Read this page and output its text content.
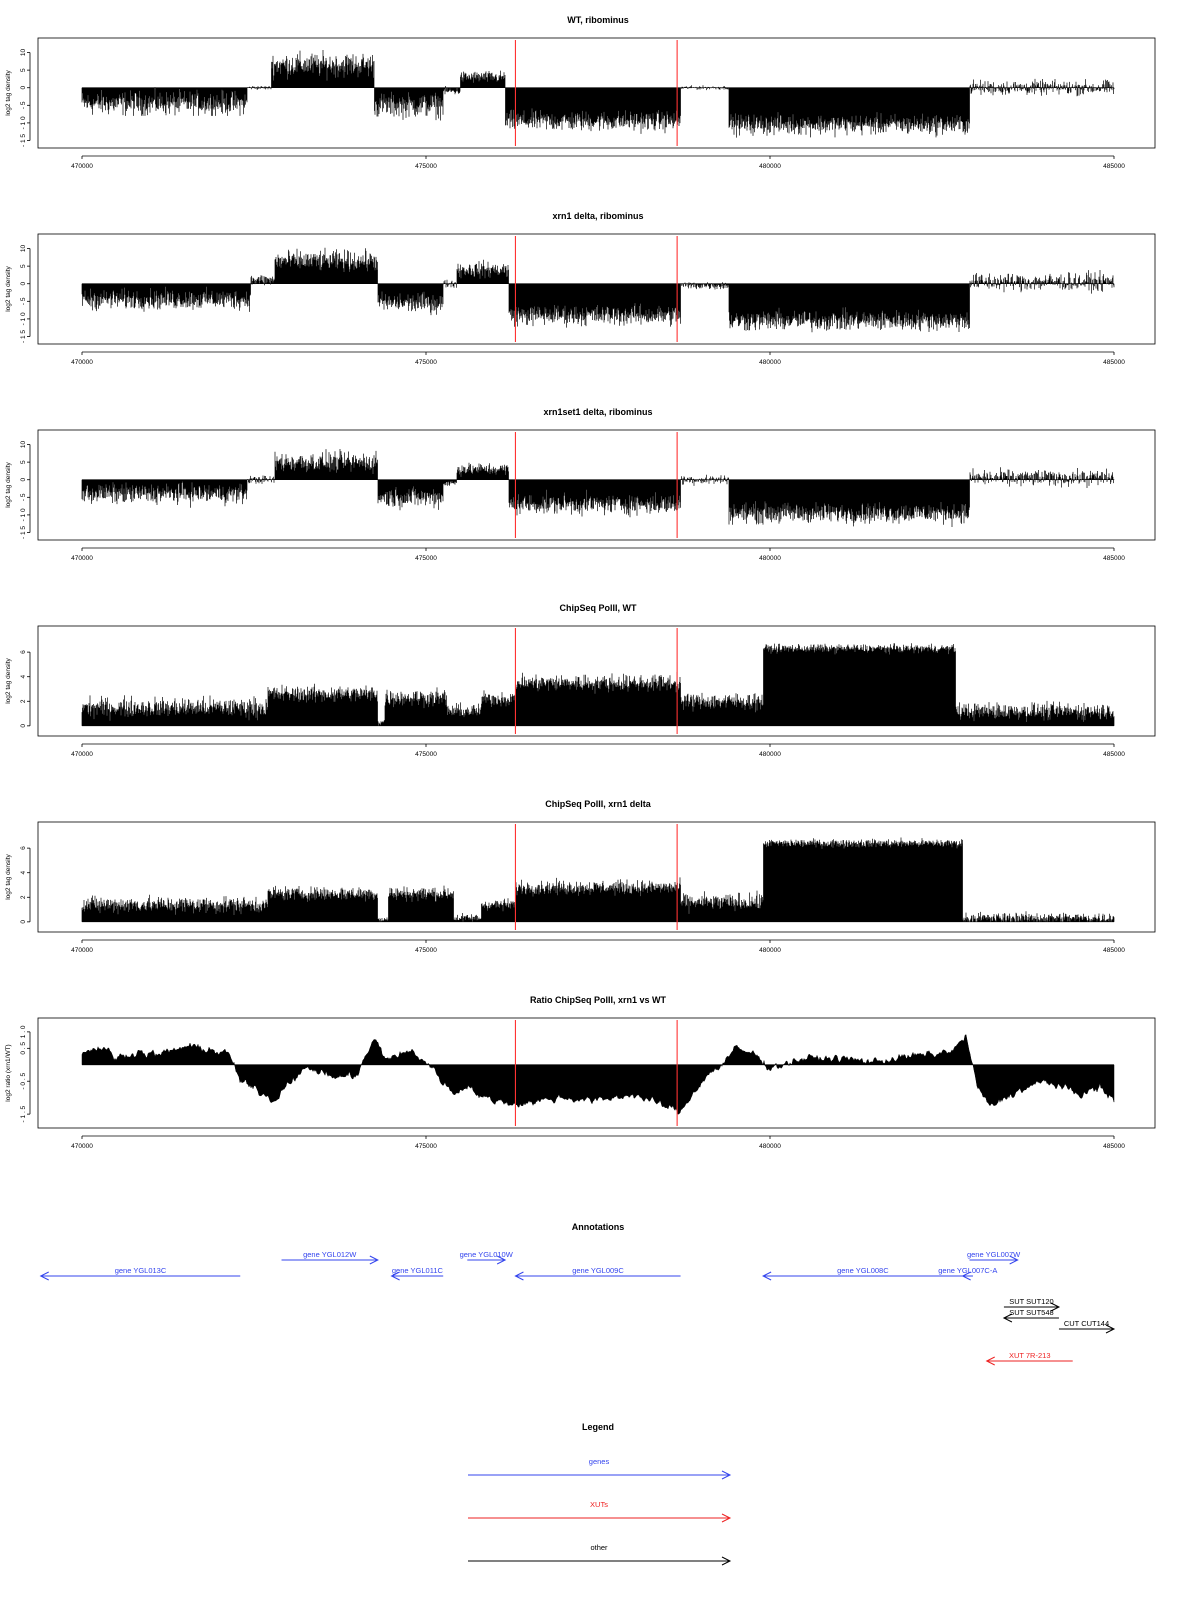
WT, ribominus
10
5
0
- 5
- 1 0
- 1 5
log2 tag density
470000	475000	480000	485000
xrn1 delta, ribominus
10
5
0
- 5
- 1 0
- 1 5
log2 tag density
470000	475000	480000	485000
xrn1set1 delta, ribominus
10
5
0
- 5
- 1 0
- 1 5
log2 tag density
470000	475000	480000	485000
ChipSeq PolII, WT
0
2
4
6
log2 tag density
470000	475000	480000	485000
ChipSeq PolII, xrn1 delta
0
2
4
6
log2 tag density
470000	475000	480000	485000
Ratio ChipSeq PolII, xrn1 vs WT
1 . 0
0 . 5
- 0 . 5
- 1 . 5
log2 ratio (xrn1/WT)
470000	475000	480000	485000
Annotations
gene YGL013C
gene YGL012W
gene YGL011C
gene YGL010W
gene YGL009C	gene YGL008C
gene YGL007W
gene YGL007C-A
SUT SUT120
SUT SUT548
CUT CUT144
XUT 7R-213
Legend
genes
XUTs
other
